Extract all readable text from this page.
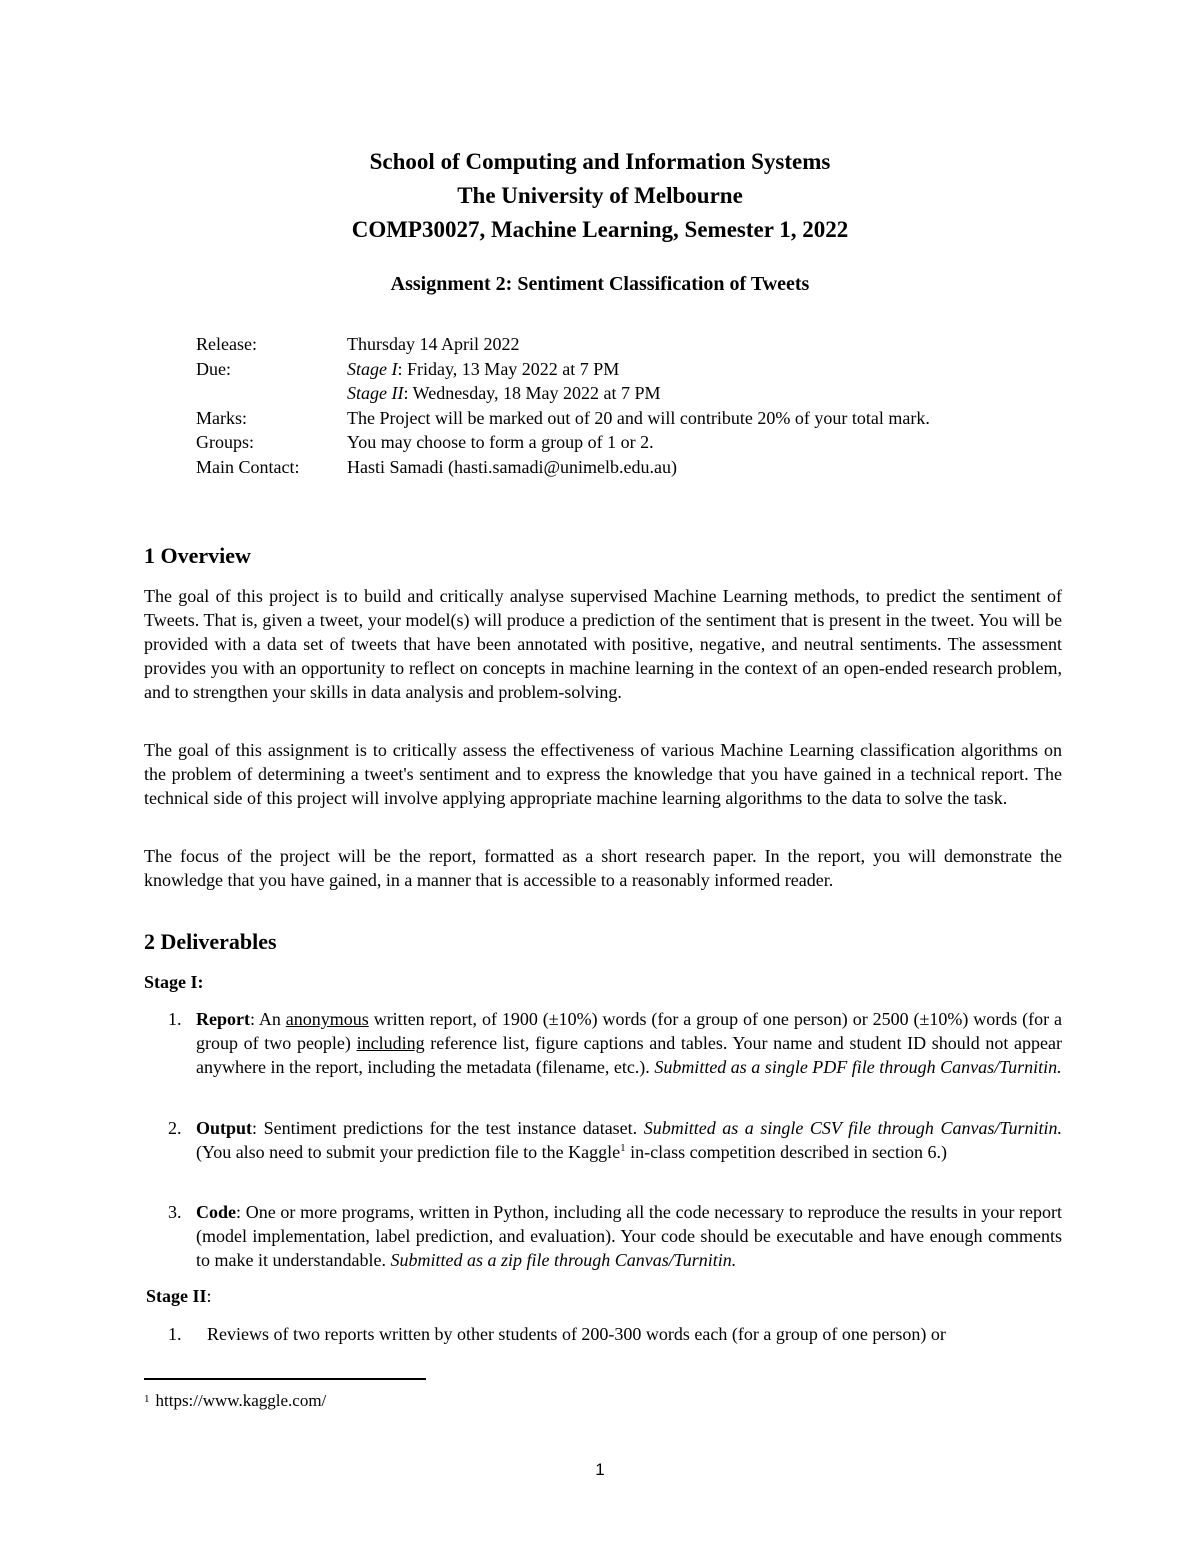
School of Computing and Information Systems
The University of Melbourne
COMP30027, Machine Learning, Semester 1, 2022
Assignment 2: Sentiment Classification of Tweets
Release:	Thursday 14 April 2022
Due:	Stage I: Friday, 13 May 2022 at 7 PM
Stage II: Wednesday, 18 May 2022 at 7 PM
Marks:	The Project will be marked out of 20 and will contribute 20% of your total mark.
Groups:	You may choose to form a group of 1 or 2.
Main Contact:	Hasti Samadi (hasti.samadi@unimelb.edu.au)
1 Overview
The goal of this project is to build and critically analyse supervised Machine Learning methods, to predict the sentiment of Tweets. That is, given a tweet, your model(s) will produce a prediction of the sentiment that is present in the tweet. You will be provided with a data set of tweets that have been annotated with positive, negative, and neutral sentiments. The assessment provides you with an opportunity to reflect on concepts in machine learning in the context of an open-ended research problem, and to strengthen your skills in data analysis and problem-solving.
The goal of this assignment is to critically assess the effectiveness of various Machine Learning classification algorithms on the problem of determining a tweet's sentiment and to express the knowledge that you have gained in a technical report. The technical side of this project will involve applying appropriate machine learning algorithms to the data to solve the task.
The focus of the project will be the report, formatted as a short research paper. In the report, you will demonstrate the knowledge that you have gained, in a manner that is accessible to a reasonably informed reader.
2 Deliverables
Stage I:
1. Report: An anonymous written report, of 1900 (±10%) words (for a group of one person) or 2500 (±10%) words (for a group of two people) including reference list, figure captions and tables. Your name and student ID should not appear anywhere in the report, including the metadata (filename, etc.). Submitted as a single PDF file through Canvas/Turnitin.
2. Output: Sentiment predictions for the test instance dataset. Submitted as a single CSV file through Canvas/Turnitin. (You also need to submit your prediction file to the Kaggle$^1$ in-class competition described in section 6.)
3. Code: One or more programs, written in Python, including all the code necessary to reproduce the results in your report (model implementation, label prediction, and evaluation). Your code should be executable and have enough comments to make it understandable. Submitted as a zip file through Canvas/Turnitin.
Stage II:
1. Reviews of two reports written by other students of 200-300 words each (for a group of one person) or
$^1$ https://www.kaggle.com/
1
